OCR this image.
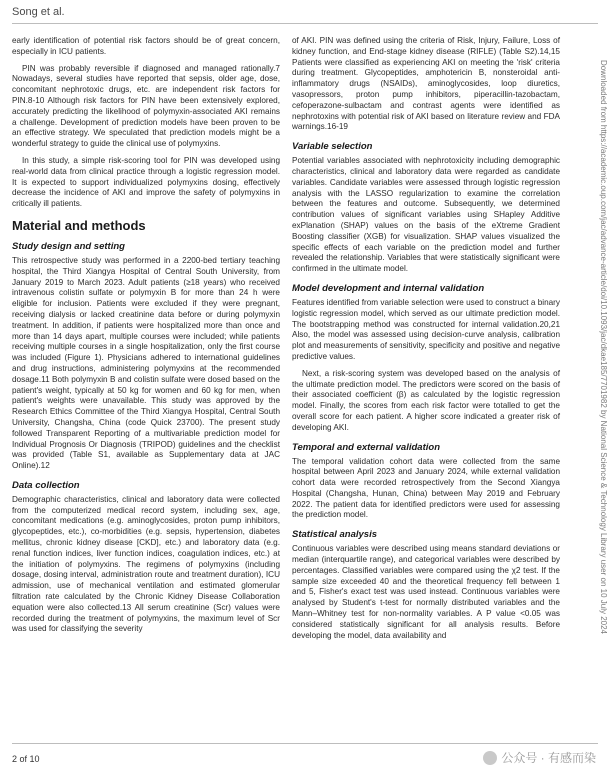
Song et al.

early identification of potential risk factors should be of great concern, especially in ICU patients.

PIN was probably reversible if diagnosed and managed rationally.7 Nowadays, several studies have reported that sepsis, older age, dose, concomitant nephrotoxic drugs, etc. are independent risk factors for PIN.8-10 Although risk factors for PIN have been extensively explored, accurately predicting the likelihood of polymyxin-associated AKI remains a challenge. Development of prediction models have been proven to be an effective strategy. We speculated that prediction models might be a wonderful strategy to guide the clinical use of polymyxins.

In this study, a simple risk-scoring tool for PIN was developed using real-world data from clinical practice through a logistic regression model. It is expected to support individualized polymyxins dosing, effectively decrease the incidence of AKI and improve the safety of polymyxins in critically ill patients.

Material and methods
Study design and setting

This retrospective study was performed in a 2200-bed tertiary teaching hospital, the Third Xiangya Hospital of Central South University, from January 2019 to March 2023. Adult patients (≥18 years) who received intravenous colistin sulfate or polymyxin B for more than 24 h were eligible for inclusion. Patients were excluded if they were pregnant, receiving dialysis or lacked creatinine data before or during polymyxin treatment. In addition, if patients were hospitalized more than once and more than 14 days apart, multiple courses were included; while patients receiving multiple courses in a single hospitalization, only the first course was included (Figure 1). Physicians adhered to international guidelines and drug instructions, administering polymyxins at the recommended dosage.11 Both polymyxin B and colistin sulfate were dosed based on the patient's weight, typically at 50 kg for women and 60 kg for men, when patient's weights were unavailable. This study was approved by the Research Ethics Committee of the Third Xiangya Hospital, Central South University, Changsha, China (code Quick 23700). The present study followed Transparent Reporting of a multivariable prediction model for Individual Prognosis Or Diagnosis (TRIPOD) guidelines and the checklist was provided (Table S1, available as Supplementary data at JAC Online).12

Data collection

Demographic characteristics, clinical and laboratory data were collected from the computerized medical record system, including sex, age, concomitant medications (e.g. aminoglycosides, proton pump inhibitors, glycopeptides, etc.), co-morbidities (e.g. sepsis, hypertension, diabetes mellitus, chronic kidney disease [CKD], etc.) and laboratory data (e.g. renal function indices, liver function indices, coagulation indices, etc.) at the initiation of polymyxins. The regimens of polymyxins (including dosage, dosing interval, administration route and treatment duration), ICU admission, use of mechanical ventilation and estimated glomerular filtration rate calculated by the Chronic Kidney Disease Collaboration equation were also collected.13 All serum creatinine (Scr) values were recorded during the treatment of polymyxins, the maximum level of Scr was used for classifying the severity

of AKI. PIN was defined using the criteria of Risk, Injury, Failure, Loss of kidney function, and End-stage kidney disease (RIFLE) (Table S2).14,15 Patients were classified as experiencing AKI on meeting the 'risk' criteria during treatment. Glycopeptides, amphotericin B, nonsteroidal anti-inflammatory drugs (NSAIDs), aminoglycosides, loop diuretics, vasopressors, proton pump inhibitors, piperacillin-tazobactam, cefoperazone-sulbactam and contrast agents were identified as nephrotoxins with potential risk of AKI based on literature review and FDA warnings.16-19

Variable selection

Potential variables associated with nephrotoxicity including demographic characteristics, clinical and laboratory data were regarded as candidate variables. Candidate variables were assessed through logistic regression analysis with the LASSO regularization to examine the correlation between the features and outcome. Subsequently, we determined contribution values of significant variables using SHapley Additive exPlanation (SHAP) values on the basis of the eXtreme Gradient Boosting classifier (XGB) for visualization. SHAP values visualized the specific effects of each variable on the prediction model and further revealed the relationship. Variables that were statistically significant were confirmed in the ultimate model.

Model development and internal validation

Features identified from variable selection were used to construct a binary logistic regression model, which served as our ultimate prediction model. The bootstrapping method was constructed for internal validation.20,21 Also, the model was assessed using decision-curve analysis, calibration plot and measurements of sensitivity, specificity and positive and negative predictive values.

Next, a risk-scoring system was developed based on the analysis of the ultimate prediction model. The predictors were scored on the basis of their associated coefficient (β) as calculated by the logistic regression model. Finally, the scores from each risk factor were totalled to get the overall score for each patient. A higher score indicated a greater risk of developing AKI.

Temporal and external validation

The temporal validation cohort data were collected from the same hospital between April 2023 and January 2024, while external validation cohort data were recorded retrospectively from the Second Xiangya Hospital (Changsha, Hunan, China) between May 2019 and February 2022. The patient data for identified predictors were used for assessing the prediction model.

Statistical analysis

Continuous variables were described using means standard deviations or median (interquartile range), and categorical variables were described by percentages. Classified variables were compared using the χ2 test. If the sample size exceeded 40 and the theoretical frequency fell between 1 and 5, Fisher's exact test was used instead. Continuous variables were analysed by Student's t-test for normally distributed variables and the Mann–Whitney test for non-normality variables. A P value <0.05 was considered statistically significant for all analysis results. Before developing the model, data availability and

Downloaded from https://academic.oup.com/jac/advance-article/doi/10.1093/jac/dkae185/7701982 by National Science & Technology Library user on 10 July 2024
2 of 10	公众号 · 有感而染
